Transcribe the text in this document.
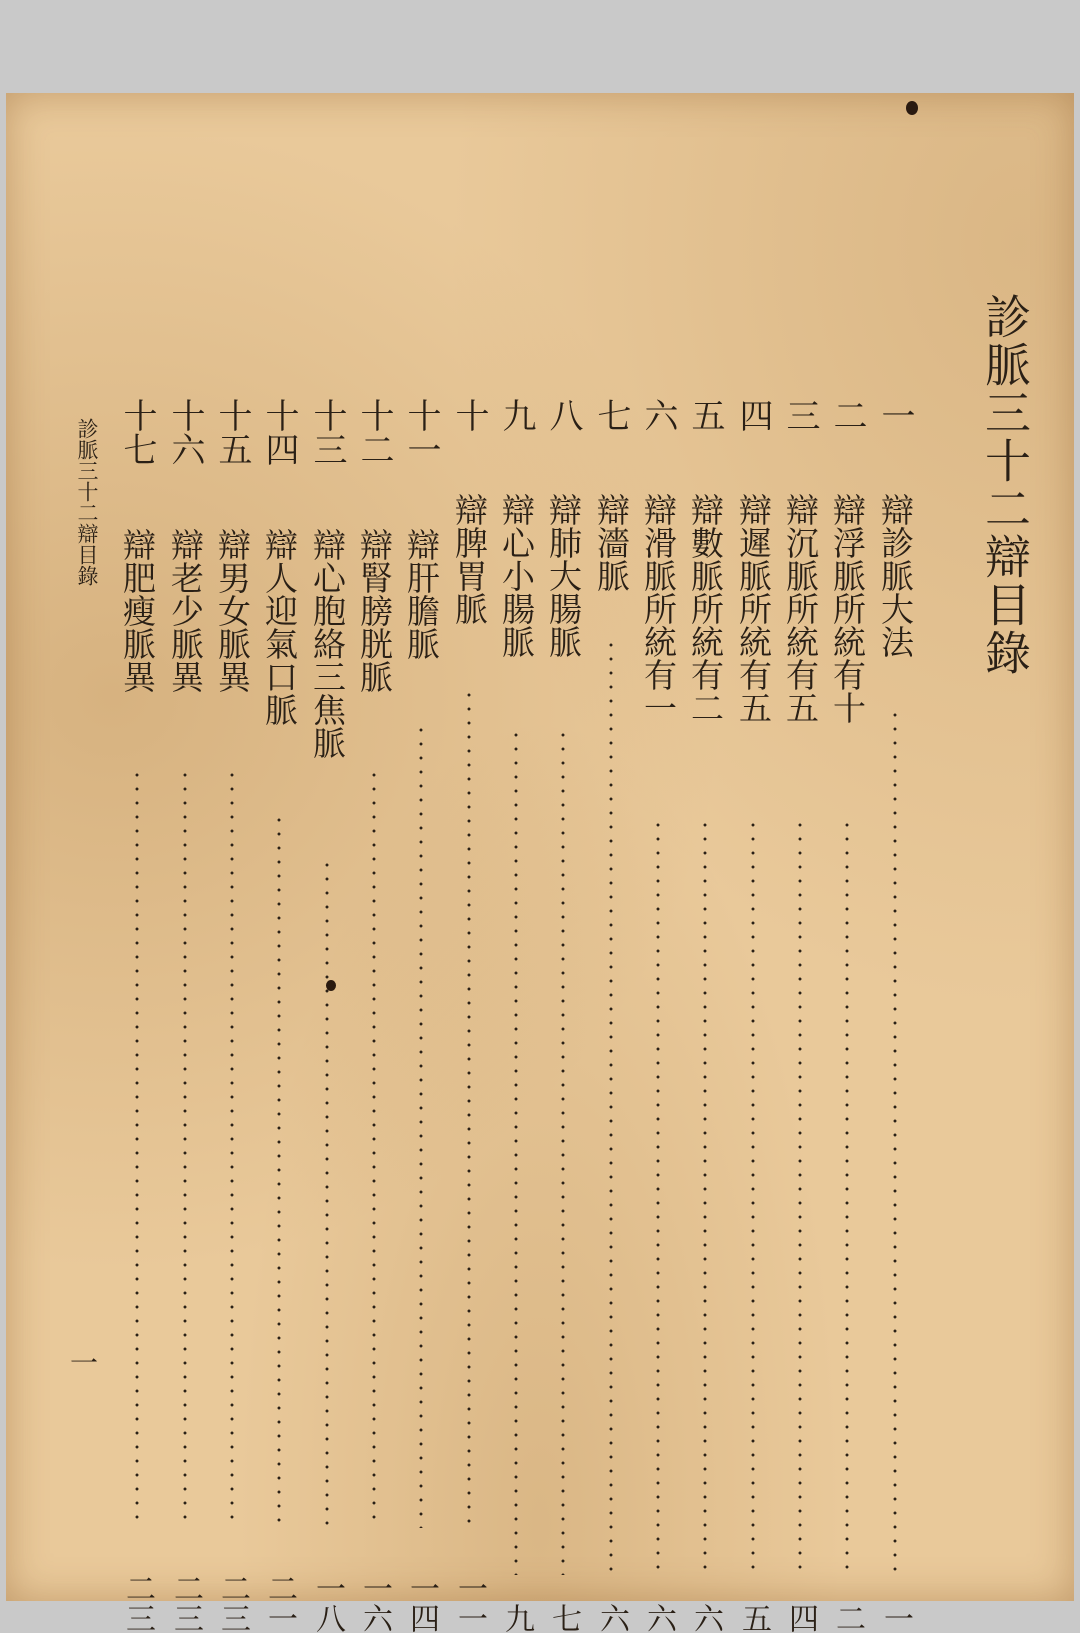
診脈三十二辯目錄
一
辯診脈大法
一
二
辯浮脈所統有十
二
三
辯沉脈所統有五
四
四
辯遲脈所統有五
五
五
辯數脈所統有二
六
六
辯滑脈所統有一
六
七
辯濇脈
六
八
辯肺大腸脈
七
九
辯心小腸脈
九
十
辯脾胃脈
一一
十一
辯肝膽脈
一四
十二
辯腎膀胱脈
一六
十三
辯心胞絡三焦脈
一八
十四
辯人迎氣口脈
二一
十五
辯男女脈異
二三
十六
辯老少脈異
二三
十七
辯肥瘦脈異
二三
診脈三十二辯目錄
一
